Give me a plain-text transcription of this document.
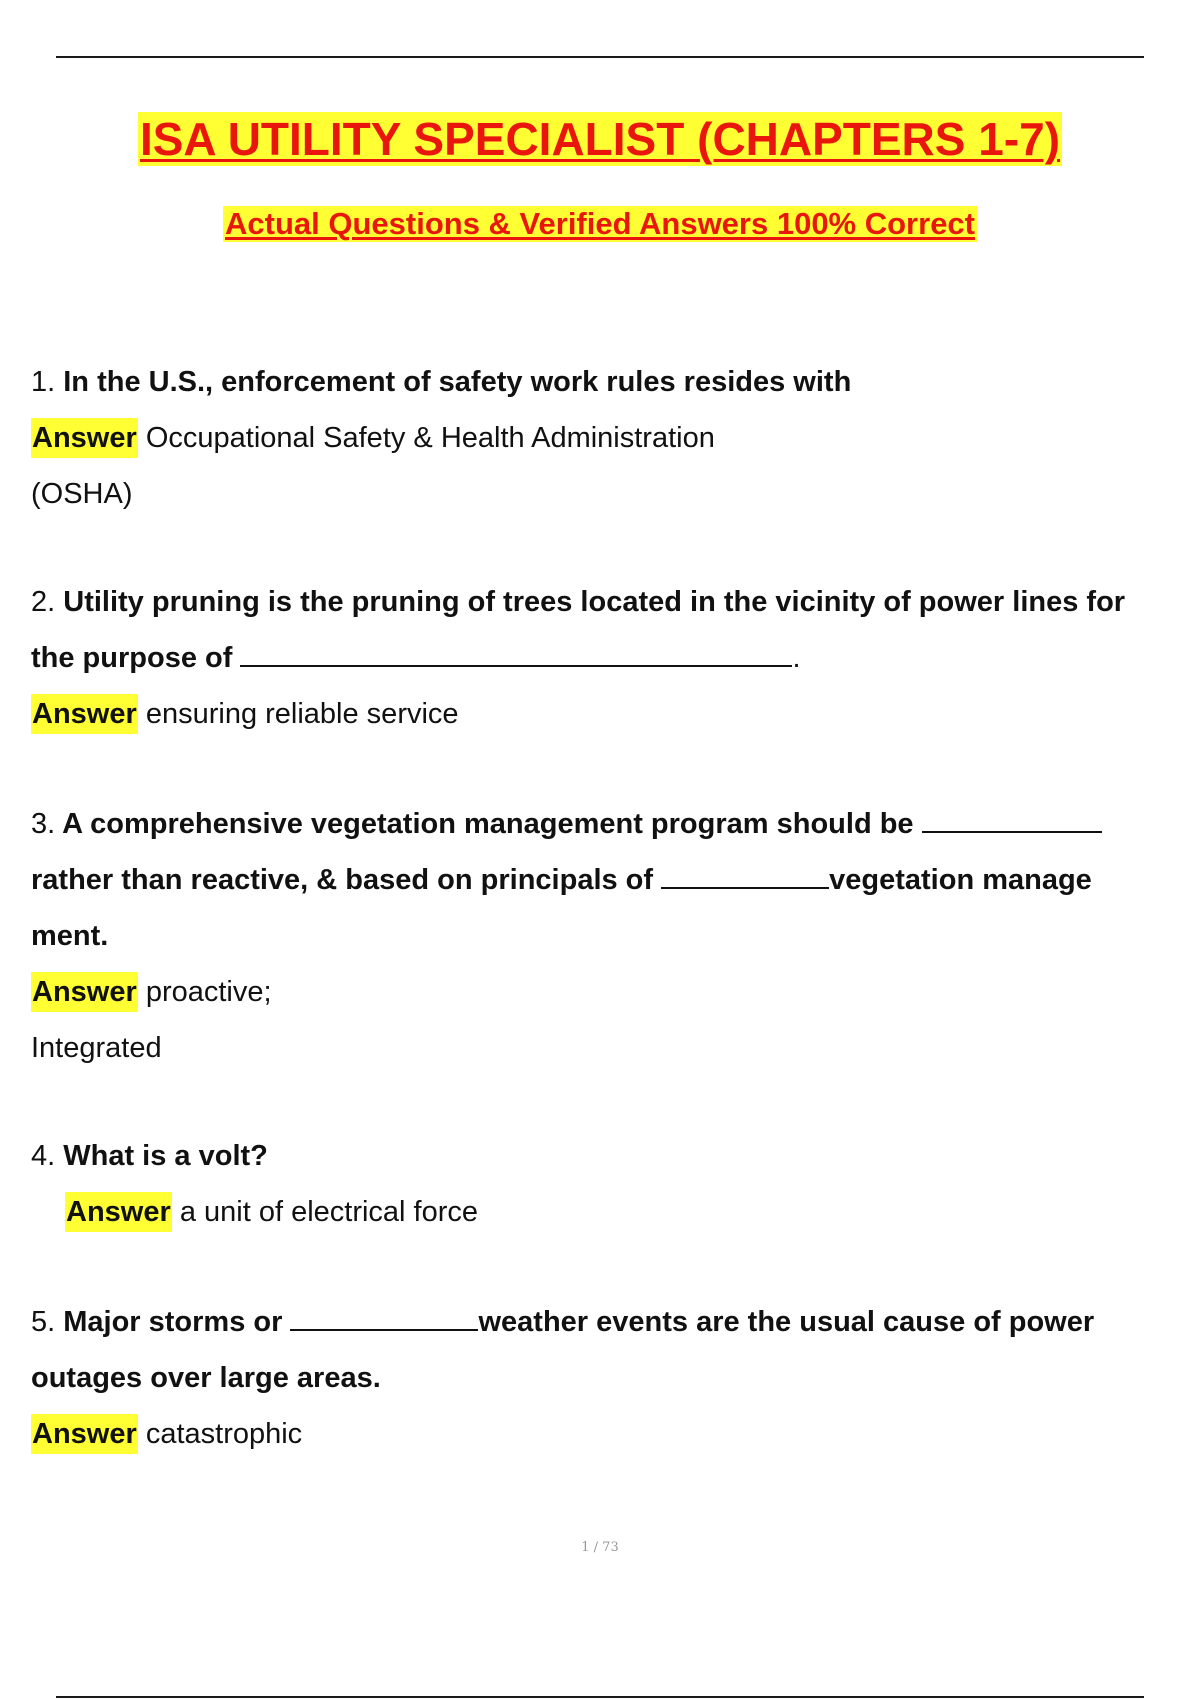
ISA UTILITY SPECIALIST (CHAPTERS 1-7)
Actual Questions & Verified Answers 100% Correct
1. In the U.S., enforcement of safety work rules resides with
Answer Occupational Safety & Health Administration
(OSHA)
2. Utility pruning is the pruning of trees located in the vicinity of power lines for
the purpose of	.
Answer ensuring reliable service
3. A comprehensive vegetation management program should be
rather than reactive, & based on principals of	vegetation manage
ment.
Answer proactive;
Integrated
4. What is a volt?
Answer a unit of electrical force
5. Major storms or	weather events are the usual cause of power
outages over large areas.
Answer catastrophic
1 / 73
